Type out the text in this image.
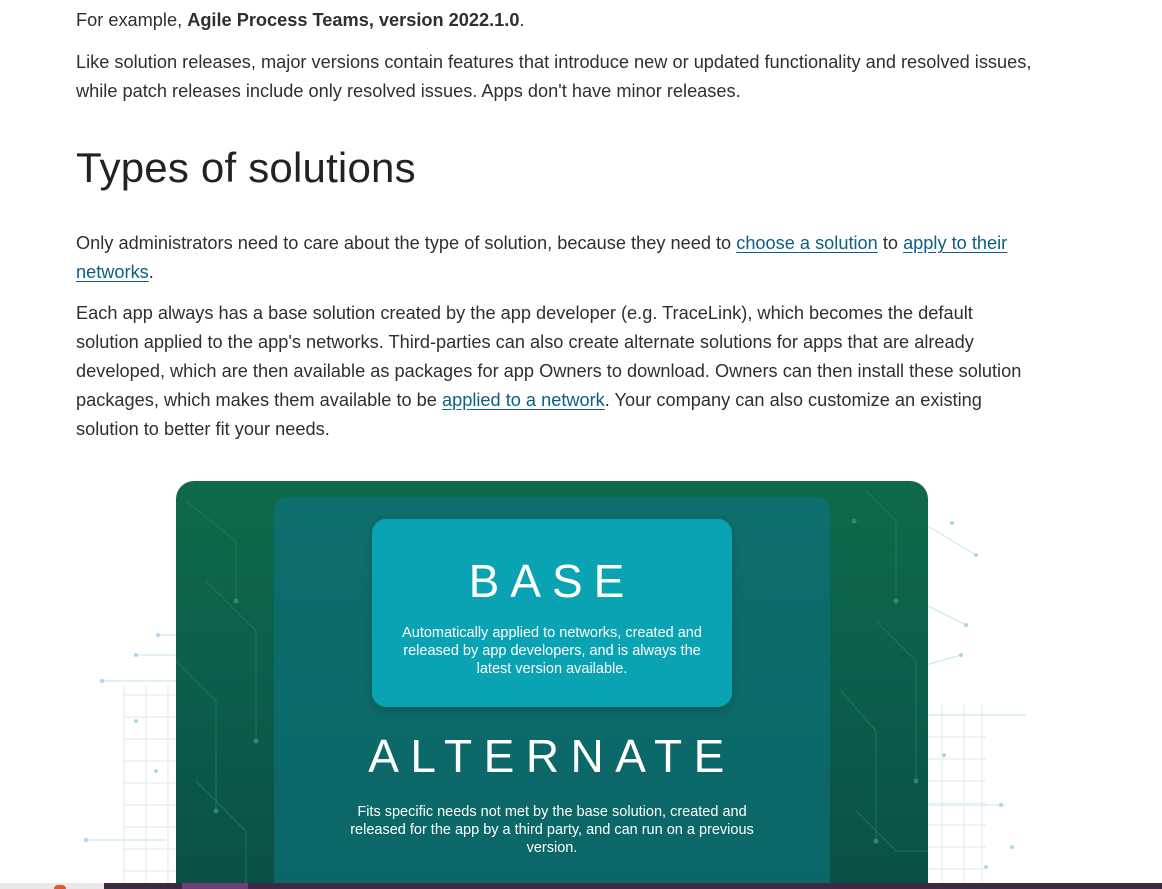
For example, Agile Process Teams, version 2022.1.0.

Like solution releases, major versions contain features that introduce new or updated functionality and resolved issues, while patch releases include only resolved issues. Apps don't have minor releases.

Types of solutions

Only administrators need to care about the type of solution, because they need to choose a solution to apply to their networks.

Each app always has a base solution created by the app developer (e.g. TraceLink), which becomes the default solution applied to the app's networks. Third-parties can also create alternate solutions for apps that are already developed, which are then available as packages for app Owners to download. Owners can then install these solution packages, which makes them available to be applied to a network. Your company can also customize an existing solution to better fit your needs.

BASE
Automatically applied to networks, created and released by app developers, and is always the latest version available.
ALTERNATE
Fits specific needs not met by the base solution, created and released for the app by a third party, and can run on a previous version.
